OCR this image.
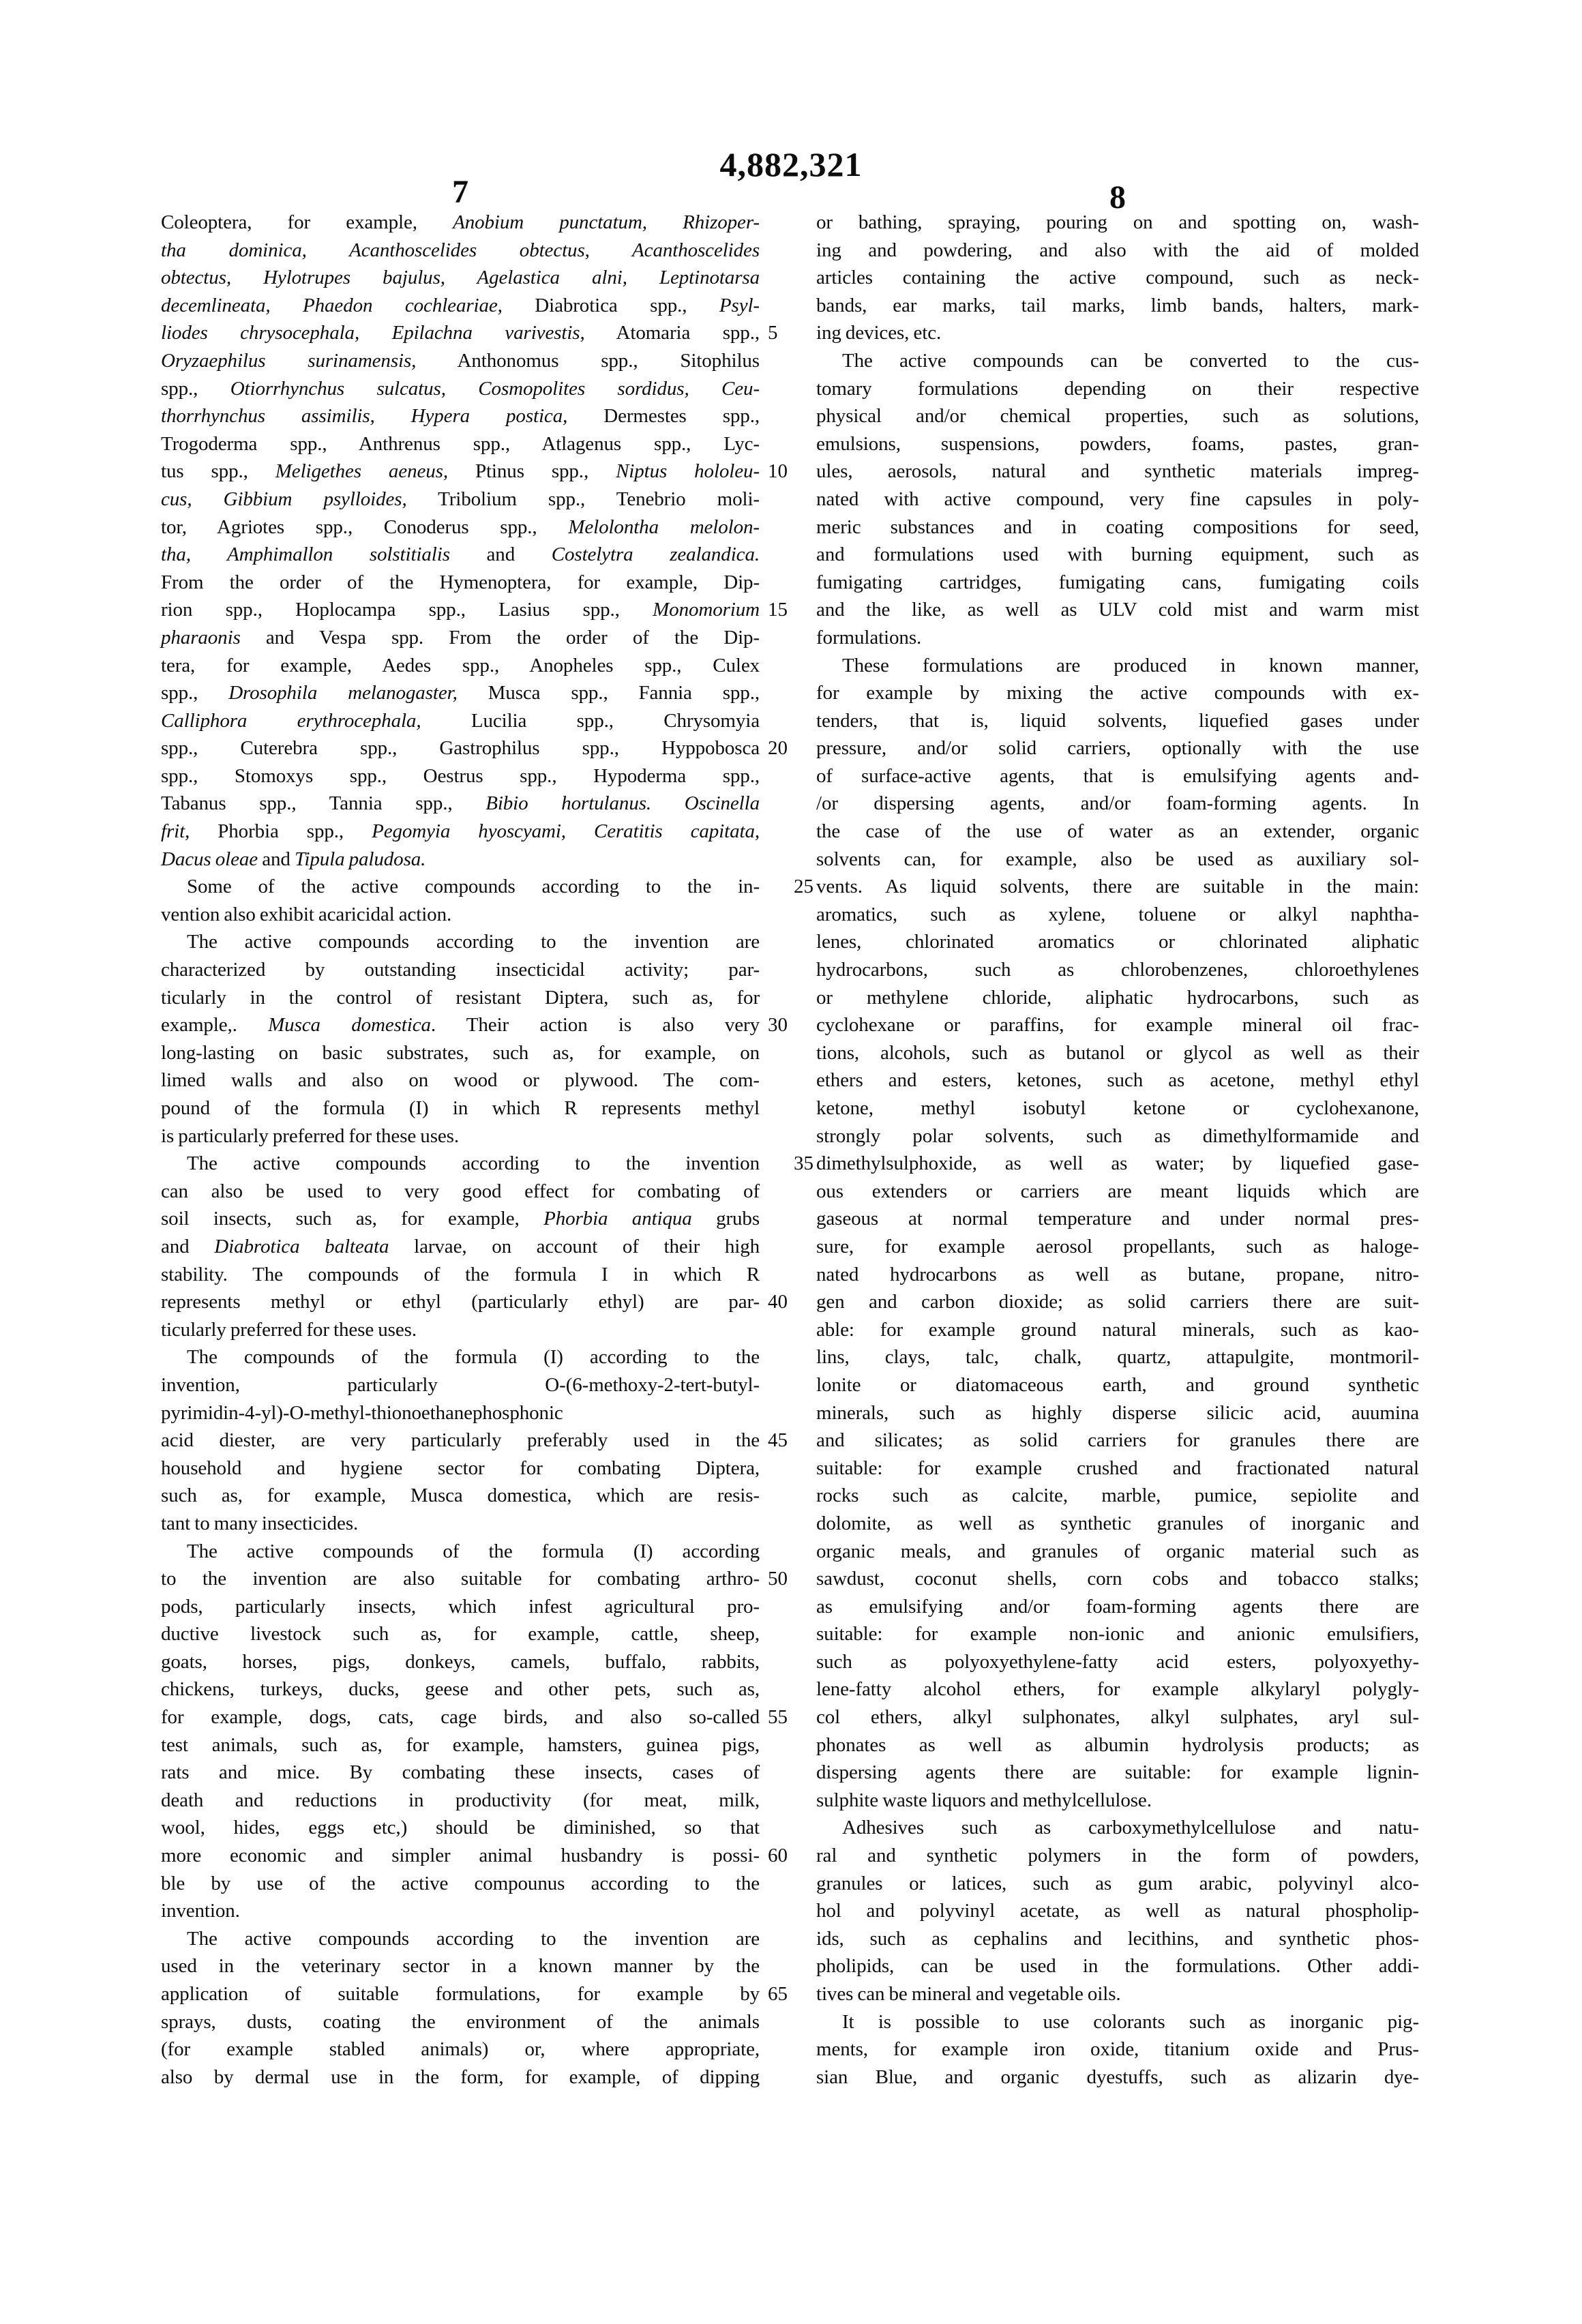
4,882,321
7	8
Coleoptera, for example, Anobium punctatum, Rhizoper-
tha dominica, Acanthoscelides obtectus, Acanthoscelides
obtectus, Hylotrupes bajulus, Agelastica alni, Leptinotarsa
decemlineata, Phaedon cochleariae, Diabrotica spp., Psyl-
liodes chrysocephala, Epilachna varivestis, Atomaria spp., 5
Oryzaephilus surinamensis, Anthonomus spp., Sitophilus
spp., Otiorrhynchus sulcatus, Cosmopolites sordidus, Ceu-
thorrhynchus assimilis, Hypera postica, Dermestes spp.,
Trogoderma spp., Anthrenus spp., Atlagenus spp., Lyc-
tus spp., Meligethes aeneus, Ptinus spp., Niptus hololeu- 10
cus, Gibbium psylloides, Tribolium spp., Tenebrio moli-
tor, Agriotes spp., Conoderus spp., Melolontha melolon-
tha, Amphimallon solstitialis and Costelytra zealandica.
From the order of the Hymenoptera, for example, Dip-
rion spp., Hoplocampa spp., Lasius spp., Monomorium 15
pharaonis and Vespa spp. From the order of the Dip-
tera, for example, Aedes spp., Anopheles spp., Culex
spp., Drosophila melanogaster, Musca spp., Fannia spp.,
Calliphora erythrocephala, Lucilia spp., Chrysomyia
spp., Cuterebra spp., Gastrophilus spp., Hyppobosca 20
spp., Stomoxys spp., Oestrus spp., Hypoderma spp.,
Tabanus spp., Tannia spp., Bibio hortulanus. Oscinella
frit, Phorbia spp., Pegomyia hyoscyami, Ceratitis capitata,
Dacus oleae and Tipula paludosa.
Some of the active compounds according to the in-	25
vention also exhibit acaricidal action.
The active compounds according to the invention are
characterized by outstanding insecticidal activity; par-
ticularly in the control of resistant Diptera, such as, for
example,. Musca domestica. Their action is also very 30
long-lasting on basic substrates, such as, for example, on
limed walls and also on wood or plywood. The com-
pound of the formula (I) in which R represents methyl
is particularly preferred for these uses.
The active compounds according to the invention	35
can also be used to very good effect for combating of
soil insects, such as, for example, Phorbia antiqua grubs
and Diabrotica balteata larvae, on account of their high
stability. The compounds of the formula I in which R
represents methyl or ethyl (particularly ethyl) are par- 40
ticularly preferred for these uses.
The compounds of the formula (I) according to the
invention, particularly O-(6-methoxy-2-tert-butyl-
pyrimidin-4-yl)-O-methyl-thionoethanephosphonic
acid diester, are very particularly preferably used in the 45
household and hygiene sector for combating Diptera,
such as, for example, Musca domestica, which are resis-
tant to many insecticides.
The active compounds of the formula (I) according
to the invention are also suitable for combating arthro- 50
pods, particularly insects, which infest agricultural pro-
ductive livestock such as, for example, cattle, sheep,
goats, horses, pigs, donkeys, camels, buffalo, rabbits,
chickens, turkeys, ducks, geese and other pets, such as,
for example, dogs, cats, cage birds, and also so-called 55
test animals, such as, for example, hamsters, guinea pigs,
rats and mice. By combating these insects, cases of
death and reductions in productivity (for meat, milk,
wool, hides, eggs etc,) should be diminished, so that
more economic and simpler animal husbandry is possi- 60
ble by use of the active compounus according to the
invention.
The active compounds according to the invention are
used in the veterinary sector in a known manner by the
application of suitable formulations, for example by 65
sprays, dusts, coating the environment of the animals
(for example stabled animals) or, where appropriate,
also by dermal use in the form, for example, of dipping
or bathing, spraying, pouring on and spotting on, wash-
ing and powdering, and also with the aid of molded
articles containing the active compound, such as neck-
bands, ear marks, tail marks, limb bands, halters, mark-
ing devices, etc.
The active compounds can be converted to the cus-
tomary formulations depending on their respective
physical and/or chemical properties, such as solutions,
emulsions, suspensions, powders, foams, pastes, gran-
ules, aerosols, natural and synthetic materials impreg-
nated with active compound, very fine capsules in poly-
meric substances and in coating compositions for seed,
and formulations used with burning equipment, such as
fumigating cartridges, fumigating cans, fumigating coils
and the like, as well as ULV cold mist and warm mist
formulations.
These formulations are produced in known manner,
for example by mixing the active compounds with ex-
tenders, that is, liquid solvents, liquefied gases under
pressure, and/or solid carriers, optionally with the use
of surface-active agents, that is emulsifying agents and-
/or dispersing agents, and/or foam-forming agents. In
the case of the use of water as an extender, organic
solvents can, for example, also be used as auxiliary sol-
vents. As liquid solvents, there are suitable in the main:
aromatics, such as xylene, toluene or alkyl naphtha-
lenes, chlorinated aromatics or chlorinated aliphatic
hydrocarbons, such as chlorobenzenes, chloroethylenes
or methylene chloride, aliphatic hydrocarbons, such as
cyclohexane or paraffins, for example mineral oil frac-
tions, alcohols, such as butanol or glycol as well as their
ethers and esters, ketones, such as acetone, methyl ethyl
ketone, methyl isobutyl ketone or cyclohexanone,
strongly polar solvents, such as dimethylformamide and
dimethylsulphoxide, as well as water; by liquefied gase-
ous extenders or carriers are meant liquids which are
gaseous at normal temperature and under normal pres-
sure, for example aerosol propellants, such as haloge-
nated hydrocarbons as well as butane, propane, nitro-
gen and carbon dioxide; as solid carriers there are suit-
able: for example ground natural minerals, such as kao-
lins, clays, talc, chalk, quartz, attapulgite, montmoril-
lonite or diatomaceous earth, and ground synthetic
minerals, such as highly disperse silicic acid, auumina
and silicates; as solid carriers for granules there are
suitable: for example crushed and fractionated natural
rocks such as calcite, marble, pumice, sepiolite and
dolomite, as well as synthetic granules of inorganic and
organic meals, and granules of organic material such as
sawdust, coconut shells, corn cobs and tobacco stalks;
as emulsifying and/or foam-forming agents there are
suitable: for example non-ionic and anionic emulsifiers,
such as polyoxyethylene-fatty acid esters, polyoxyethy-
lene-fatty alcohol ethers, for example alkylaryl polygly-
col ethers, alkyl sulphonates, alkyl sulphates, aryl sul-
phonates as well as albumin hydrolysis products; as
dispersing agents there are suitable: for example lignin-
sulphite waste liquors and methylcellulose.
Adhesives such as carboxymethylcellulose and natu-
ral and synthetic polymers in the form of powders,
granules or latices, such as gum arabic, polyvinyl alco-
hol and polyvinyl acetate, as well as natural phospholip-
ids, such as cephalins and lecithins, and synthetic phos-
pholipids, can be used in the formulations. Other addi-
tives can be mineral and vegetable oils.
It is possible to use colorants such as inorganic pig-
ments, for example iron oxide, titanium oxide and Prus-
sian Blue, and organic dyestuffs, such as alizarin dye-
